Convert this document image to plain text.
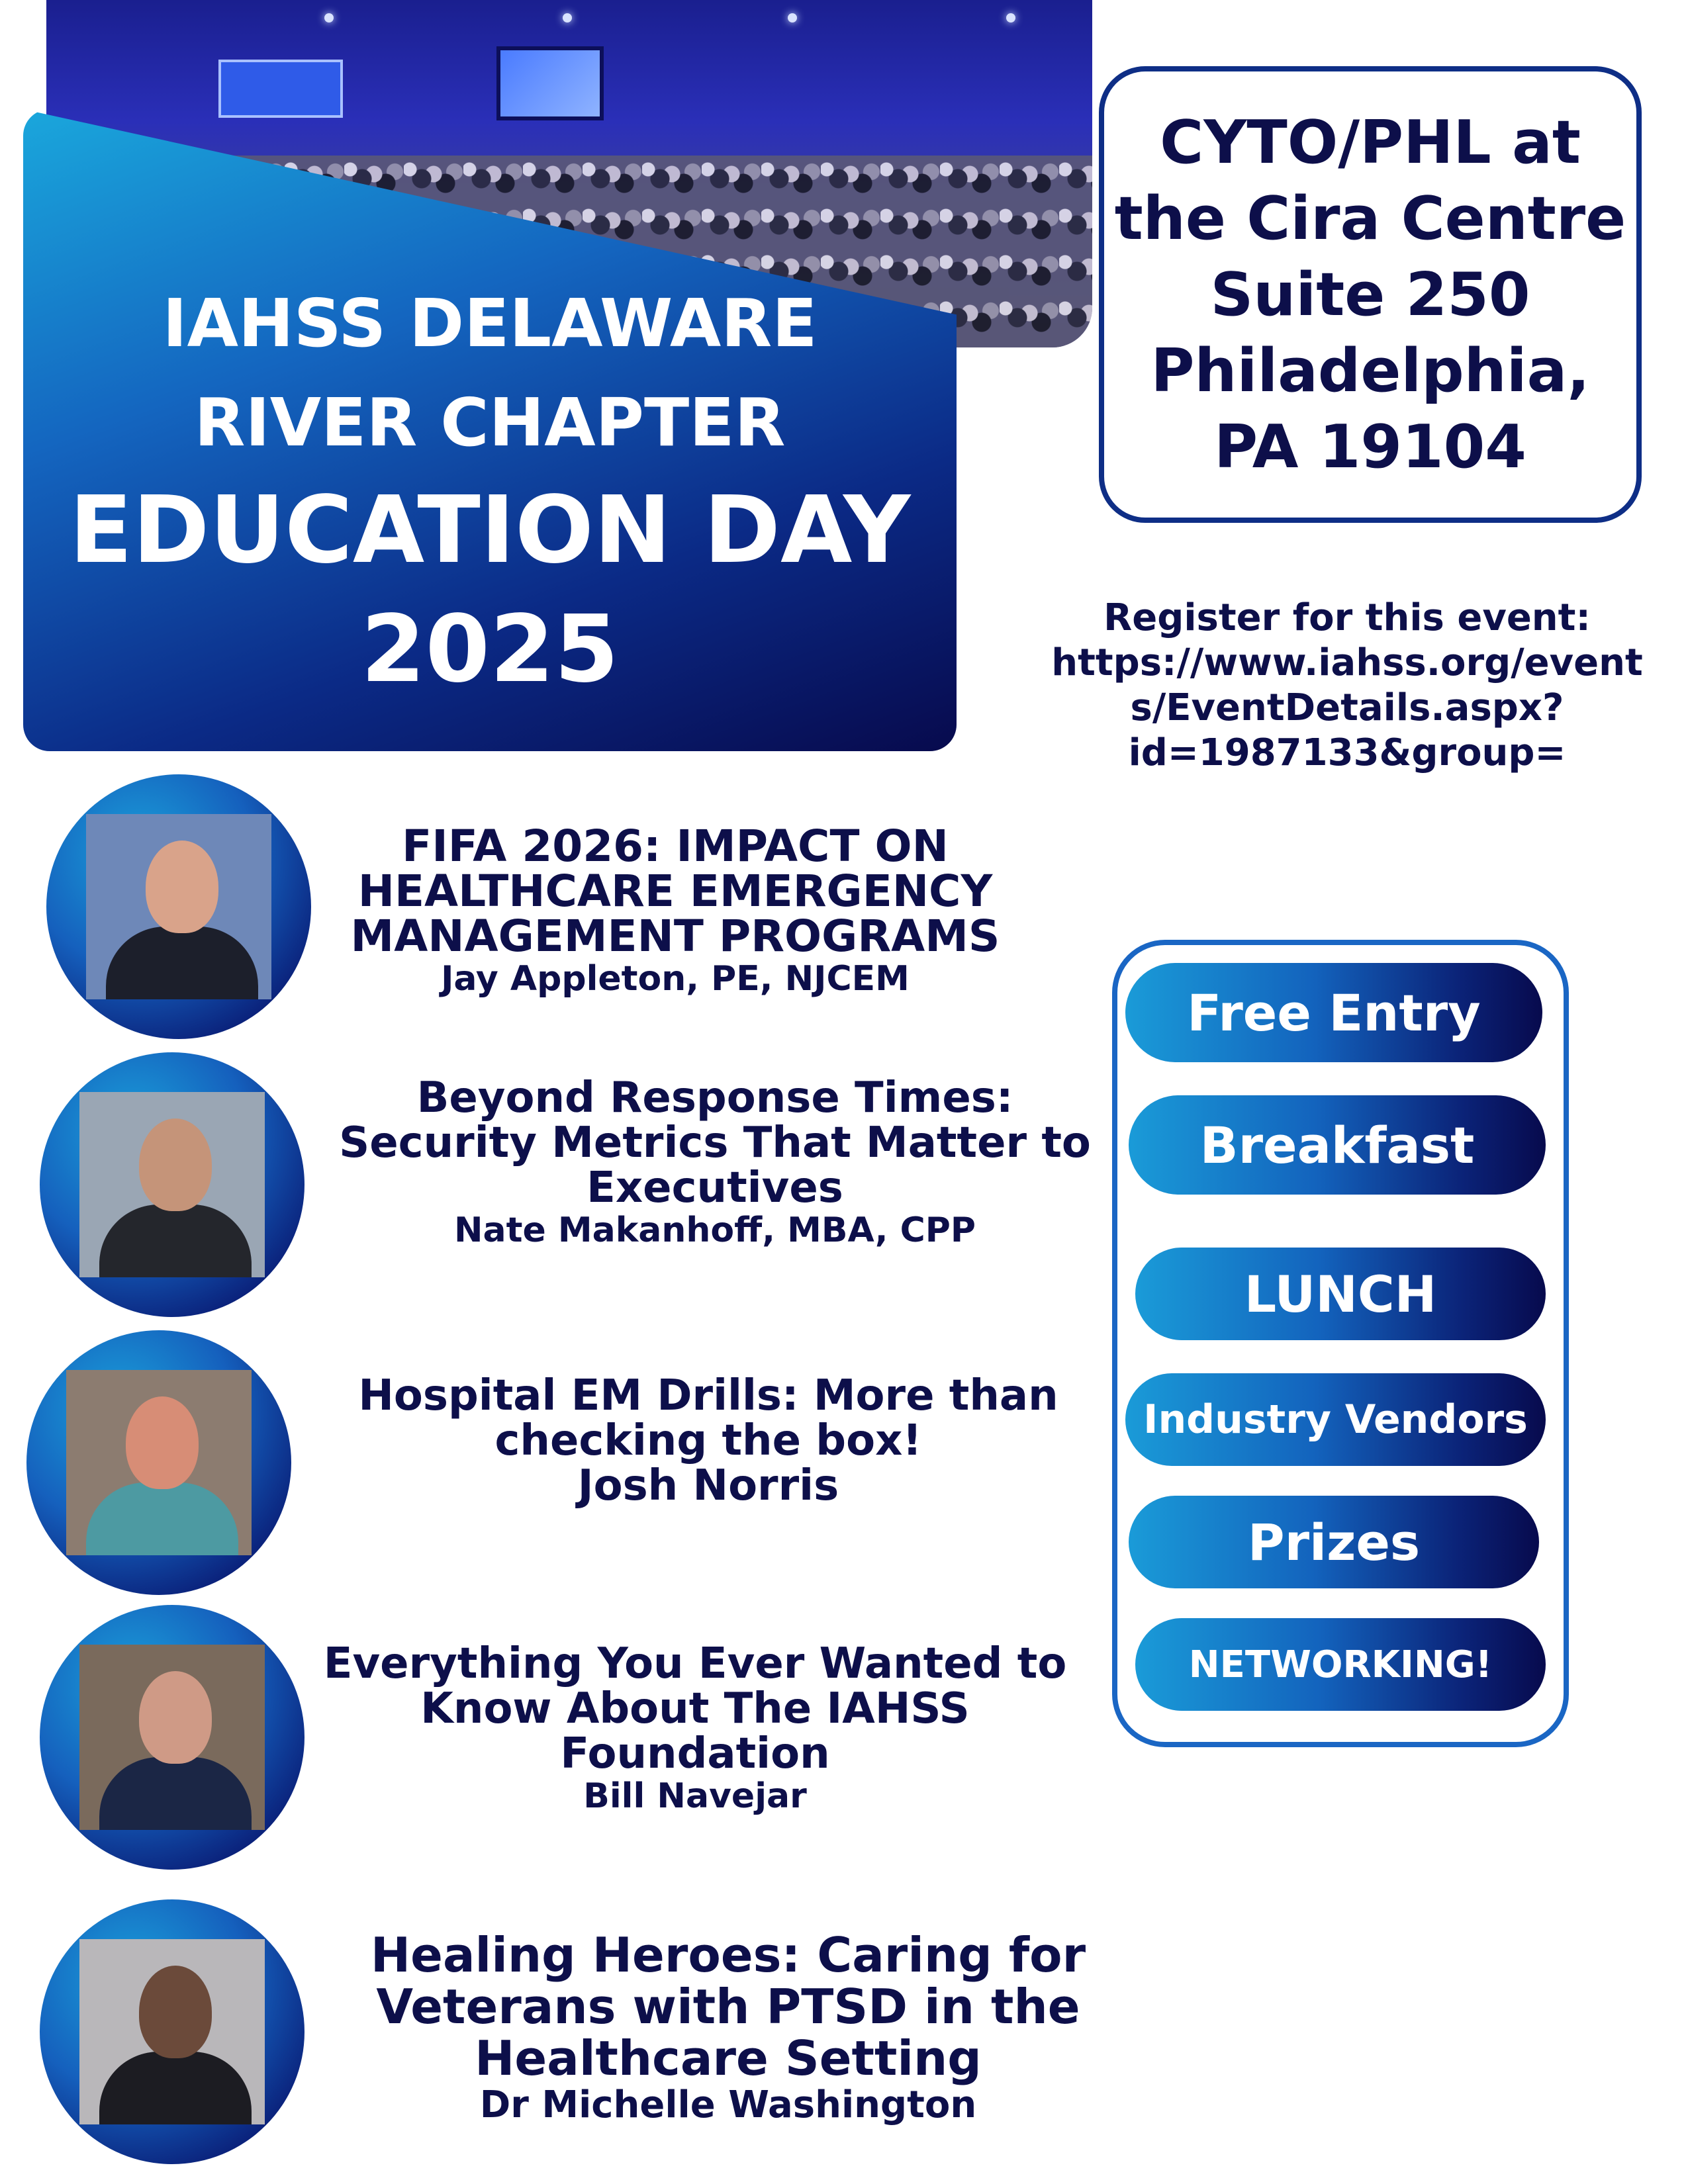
IAHSS DELAWARE
RIVER CHAPTER
EDUCATION DAY
2025
CYTO/PHL at
the Cira Centre
Suite 250
Philadelphia,
PA 19104
Register for this event:
https://www.iahss.org/event
s/EventDetails.aspx?
id=1987133&group=
FIFA 2026: IMPACT ON
HEALTHCARE EMERGENCY
MANAGEMENT PROGRAMS
Jay Appleton, PE, NJCEM
Beyond Response Times:
Security Metrics That Matter to
Executives
Nate Makanhoff, MBA, CPP
Hospital EM Drills: More than
checking the box!
Josh Norris
Everything You Ever Wanted to
Know About The IAHSS
Foundation
Bill Navejar
Healing Heroes: Caring for
Veterans with PTSD in the
Healthcare Setting
Dr Michelle Washington
Free Entry
Breakfast
LUNCH
Industry Vendors
Prizes
NETWORKING!
